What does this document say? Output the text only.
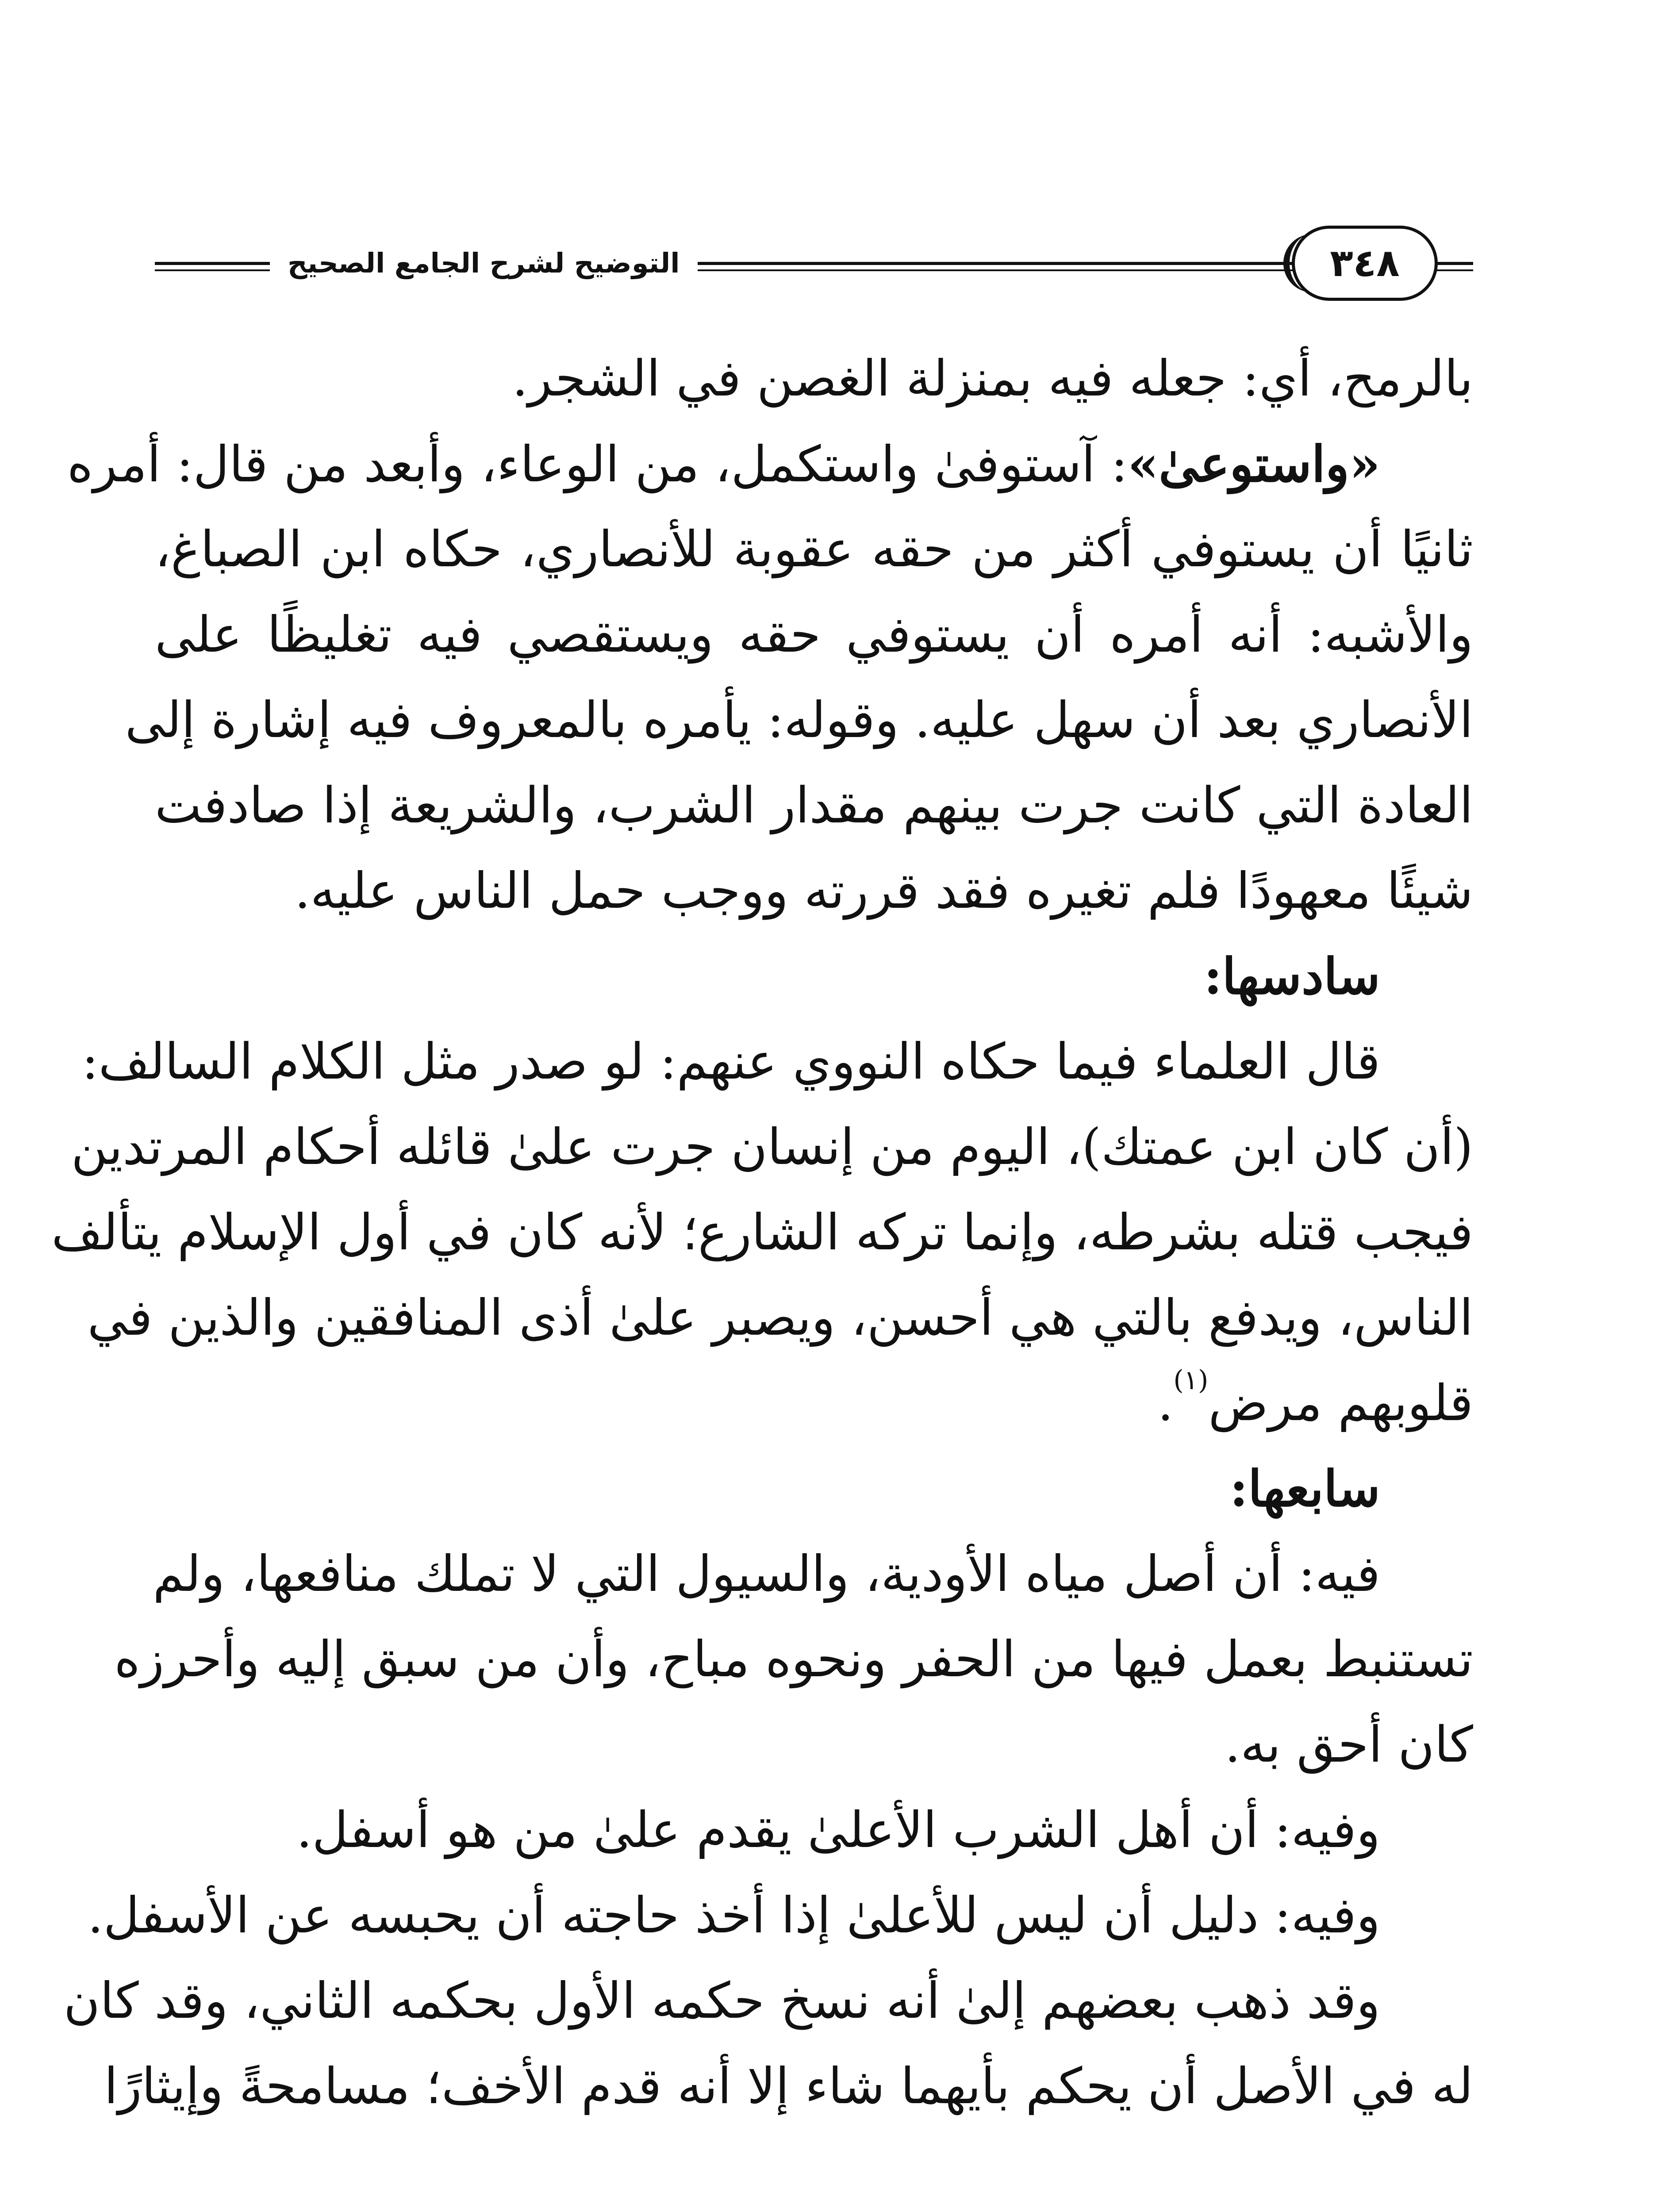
التوضيح لشرح الجامع الصحيح	٣٤٨
بالرمح، أي: جعله فيه بمنزلة الغصن في الشجر.
«واستوعىٰ»: آستوفىٰ واستكمل، من الوعاء، وأبعد من قال: أمره
ثانيًا أن يستوفي أكثر من حقه عقوبة للأنصاري، حكاه ابن الصباغ،
والأشبه: أنه أمره أن يستوفي حقه ويستقصي فيه تغليظًا على
الأنصاري بعد أن سهل عليه. وقوله: يأمره بالمعروف فيه إشارة إلى
العادة التي كانت جرت بينهم مقدار الشرب، والشريعة إذا صادفت
شيئًا معهودًا فلم تغيره فقد قررته ووجب حمل الناس عليه.
سادسها:
قال العلماء فيما حكاه النووي عنهم: لو صدر مثل الكلام السالف:
(أن كان ابن عمتك)، اليوم من إنسان جرت علىٰ قائله أحكام المرتدين
فيجب قتله بشرطه، وإنما تركه الشارع؛ لأنه كان في أول الإسلام يتألف
الناس، ويدفع بالتي هي أحسن، ويصبر علىٰ أذى المنافقين والذين في
قلوبهم مرض$^{(١)}$.
سابعها:
فيه: أن أصل مياه الأودية، والسيول التي لا تملك منافعها، ولم
تستنبط بعمل فيها من الحفر ونحوه مباح، وأن من سبق إليه وأحرزه
كان أحق به.
وفيه: أن أهل الشرب الأعلىٰ يقدم علىٰ من هو أسفل.
وفيه: دليل أن ليس للأعلىٰ إذا أخذ حاجته أن يحبسه عن الأسفل.
وقد ذهب بعضهم إلىٰ أنه نسخ حكمه الأول بحكمه الثاني، وقد كان
له في الأصل أن يحكم بأيهما شاء إلا أنه قدم الأخف؛ مسامحةً وإيثارًا
